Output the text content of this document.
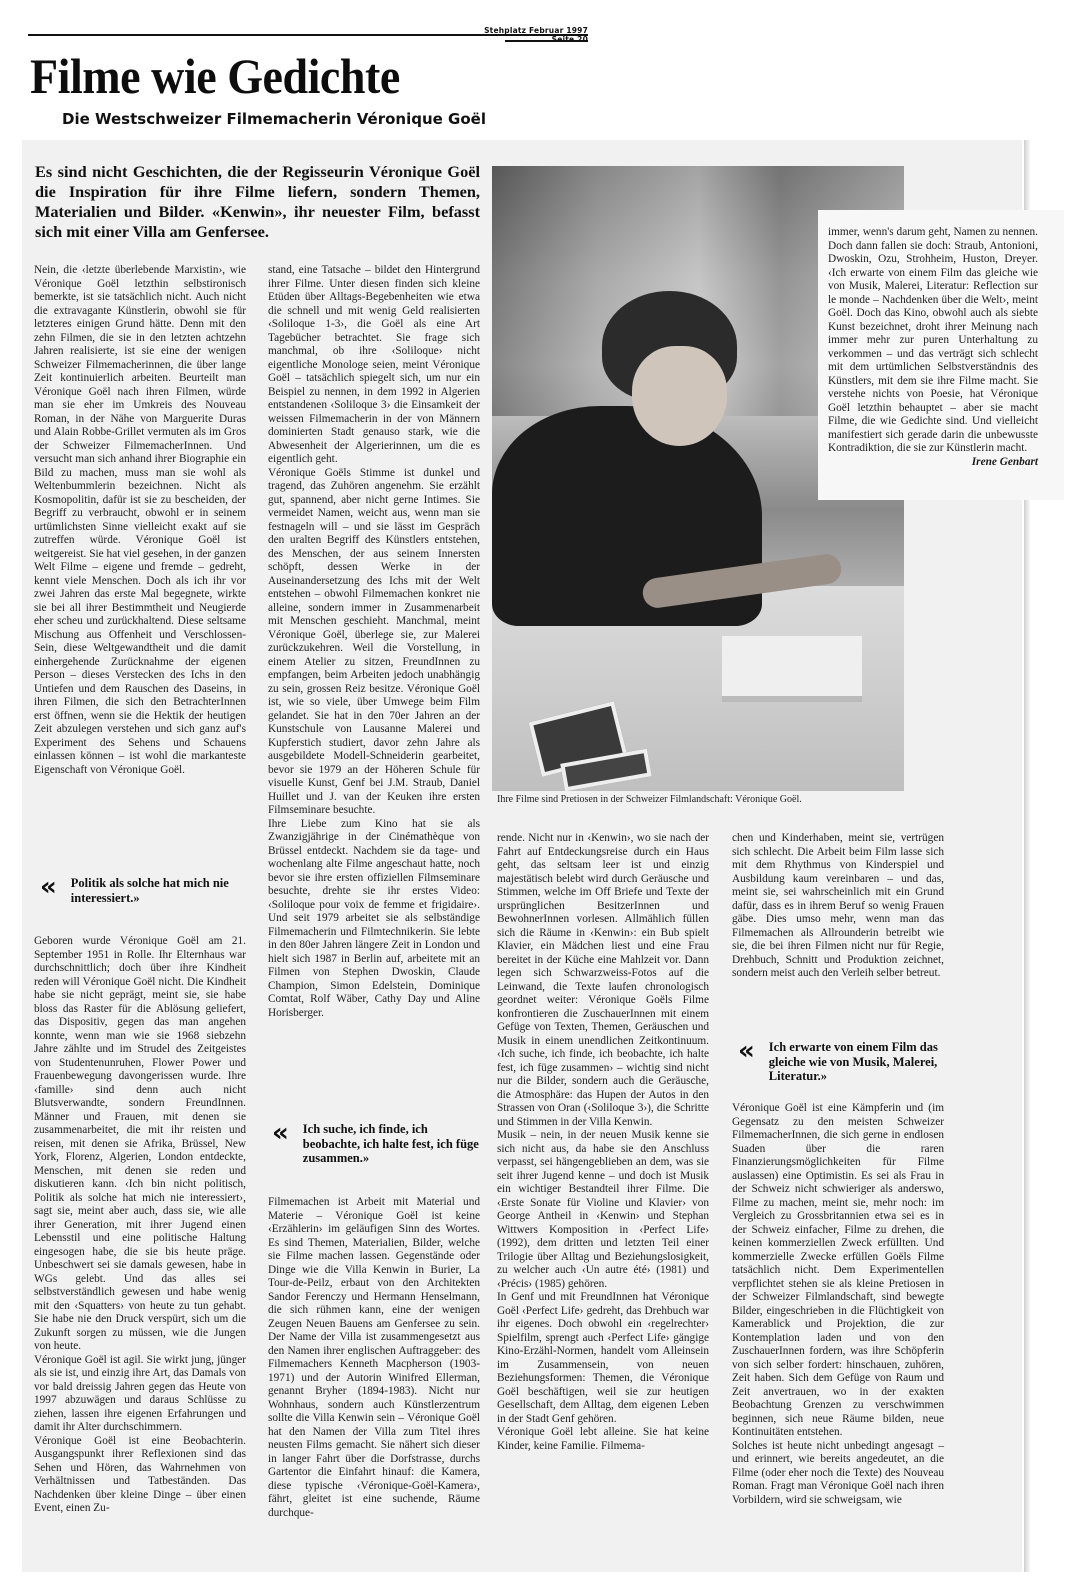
Stehplatz Februar 1997 Seite 20
Filme wie Gedichte
Die Westschweizer Filmemacherin Véronique Goël
Es sind nicht Geschichten, die der Regisseurin Véronique Goël die Inspiration für ihre Filme liefern, sondern Themen, Materialien und Bilder. «Kenwin», ihr neuester Film, befasst sich mit einer Villa am Genfersee.

Nein, die ‹letzte überlebende Marxistin›, wie Véronique Goël letzthin selbstironisch bemerkte, ist sie tatsächlich nicht. Auch nicht die extravagante Künstlerin, obwohl sie für letzteres einigen Grund hätte. Denn mit den zehn Filmen, die sie in den letzten achtzehn Jahren realisierte, ist sie eine der wenigen Schweizer Filmemacherinnen, die über lange Zeit kontinuierlich arbeiten. Beurteilt man Véronique Goël nach ihren Filmen, würde man sie eher im Umkreis des Nouveau Roman, in der Nähe von Marguerite Duras und Alain Robbe-Grillet vermuten als im Gros der Schweizer FilmemacherInnen. Und versucht man sich anhand ihrer Biographie ein Bild zu machen, muss man sie wohl als Weltenbummlerin bezeichnen. Nicht als Kosmopolitin, dafür ist sie zu bescheiden, der Begriff zu verbraucht, obwohl er in seinem urtümlichsten Sinne vielleicht exakt auf sie zutreffen würde. Véronique Goël ist weitgereist. Sie hat viel gesehen, in der ganzen Welt Filme – eigene und fremde – gedreht, kennt viele Menschen. Doch als ich ihr vor zwei Jahren das erste Mal begegnete, wirkte sie bei all ihrer Bestimmtheit und Neugierde eher scheu und zurückhaltend. Diese seltsame Mischung aus Offenheit und Verschlossen-Sein, diese Weltgewandtheit und die damit einhergehende Zurücknahme der eigenen Person – dieses Verstecken des Ichs in den Untiefen und dem Rauschen des Daseins, in ihren Filmen, die sich den BetrachterInnen erst öffnen, wenn sie die Hektik der heutigen Zeit abzulegen verstehen und sich ganz auf's Experiment des Sehens und Schauens einlassen können – ist wohl die markanteste Eigenschaft von Véronique Goël.

« Politik als solche hat mich nie interessiert.»

Geboren wurde Véronique Goël am 21. September 1951 in Rolle. Ihr Elternhaus war durchschnittlich; doch über ihre Kindheit reden will Véronique Goël nicht. Die Kindheit habe sie nicht geprägt, meint sie, sie habe bloss das Raster für die Ablösung geliefert, das Dispositiv, gegen das man angehen konnte, wenn man wie sie 1968 siebzehn Jahre zählte und im Strudel des Zeitgeistes von Studentenunruhen, Flower Power und Frauenbewegung davongerissen wurde. Ihre ‹famille› sind denn auch nicht Blutsverwandte, sondern FreundInnen. Männer und Frauen, mit denen sie zusammenarbeitet, die mit ihr reisten und reisen, mit denen sie Afrika, Brüssel, New York, Florenz, Algerien, London entdeckte, Menschen, mit denen sie reden und diskutieren kann. ‹Ich bin nicht politisch, Politik als solche hat mich nie interessiert›, sagt sie, meint aber auch, dass sie, wie alle ihrer Generation, mit ihrer Jugend einen Lebensstil und eine politische Haltung eingesogen habe, die sie bis heute präge. Unbeschwert sei sie damals gewesen, habe in WGs gelebt. Und das alles sei selbstverständlich gewesen und habe wenig mit den ‹Squatters› von heute zu tun gehabt. Sie habe nie den Druck verspürt, sich um die Zukunft sorgen zu müssen, wie die Jungen von heute.

Véronique Goël ist agil. Sie wirkt jung, jünger als sie ist, und einzig ihre Art, das Damals von vor bald dreissig Jahren gegen das Heute von 1997 abzuwägen und daraus Schlüsse zu ziehen, lassen ihre eigenen Erfahrungen und damit ihr Alter durchschimmern.

Véronique Goël ist eine Beobachterin. Ausgangspunkt ihrer Reflexionen sind das Sehen und Hören, das Wahrnehmen von Verhältnissen und Tatbeständen. Das Nachdenken über kleine Dinge – über einen Event, einen Zu-

stand, eine Tatsache – bildet den Hintergrund ihrer Filme. Unter diesen finden sich kleine Etüden über Alltags-Begebenheiten wie etwa die schnell und mit wenig Geld realisierten ‹Soliloque 1-3›, die Goël als eine Art Tagebücher betrachtet. Sie frage sich manchmal, ob ihre ‹Soliloque› nicht eigentliche Monologe seien, meint Véronique Goël – tatsächlich spiegelt sich, um nur ein Beispiel zu nennen, in dem 1992 in Algerien entstandenen ‹Soliloque 3› die Einsamkeit der weissen Filmemacherin in der von Männern dominierten Stadt genauso stark, wie die Abwesenheit der Algerierinnen, um die es eigentlich geht.

Véronique Goëls Stimme ist dunkel und tragend, das Zuhören angenehm. Sie erzählt gut, spannend, aber nicht gerne Intimes. Sie vermeidet Namen, weicht aus, wenn man sie festnageln will – und sie lässt im Gespräch den uralten Begriff des Künstlers entstehen, des Menschen, der aus seinem Innersten schöpft, dessen Werke in der Auseinandersetzung des Ichs mit der Welt entstehen – obwohl Filmemachen konkret nie alleine, sondern immer in Zusammenarbeit mit Menschen geschieht. Manchmal, meint Véronique Goël, überlege sie, zur Malerei zurückzukehren. Weil die Vorstellung, in einem Atelier zu sitzen, FreundInnen zu empfangen, beim Arbeiten jedoch unabhängig zu sein, grossen Reiz besitze. Véronique Goël ist, wie so viele, über Umwege beim Film gelandet. Sie hat in den 70er Jahren an der Kunstschule von Lausanne Malerei und Kupferstich studiert, davor zehn Jahre als ausgebildete Modell-Schneiderin gearbeitet, bevor sie 1979 an der Höheren Schule für visuelle Kunst, Genf bei J.M. Straub, Daniel Huillet und J. van der Keuken ihre ersten Filmseminare besuchte.

Ihre Liebe zum Kino hat sie als Zwanzigjährige in der Cinémathèque von Brüssel entdeckt. Nachdem sie da tage- und wochenlang alte Filme angeschaut hatte, noch bevor sie ihre ersten offiziellen Filmseminare besuchte, drehte sie ihr erstes Video: ‹Soliloque pour voix de femme et frigidaire›. Und seit 1979 arbeitet sie als selbständige Filmemacherin und Filmtechnikerin. Sie lebte in den 80er Jahren längere Zeit in London und hielt sich 1987 in Berlin auf, arbeitete mit an Filmen von Stephen Dwoskin, Claude Champion, Simon Edelstein, Dominique Comtat, Rolf Wäber, Cathy Day und Aline Horisberger.

« Ich suche, ich finde, ich beobachte, ich halte fest, ich füge zusammen.»

Filmemachen ist Arbeit mit Material und Materie – Véronique Goël ist keine ‹Erzählerin› im geläufigen Sinn des Wortes. Es sind Themen, Materialien, Bilder, welche sie Filme machen lassen. Gegenstände oder Dinge wie die Villa Kenwin in Burier, La Tour-de-Peilz, erbaut von den Architekten Sandor Ferenczy und Hermann Henselmann, die sich rühmen kann, eine der wenigen Zeugen Neuen Bauens am Genfersee zu sein. Der Name der Villa ist zusammengesetzt aus den Namen ihrer englischen Auftraggeber: des Filmemachers Kenneth Macpherson (1903-1971) und der Autorin Winifred Ellerman, genannt Bryher (1894-1983). Nicht nur Wohnhaus, sondern auch Künstlerzentrum sollte die Villa Kenwin sein – Véronique Goël hat den Namen der Villa zum Titel ihres neusten Films gemacht. Sie nähert sich dieser in langer Fahrt über die Dorfstrasse, durchs Gartentor die Einfahrt hinauf: die Kamera, diese typische ‹Véronique-Goël-Kamera›, fährt, gleitet ist eine suchende, Räume durchque-

Ihre Filme sind Pretiosen in der Schweizer Filmlandschaft: Véronique Goël.

immer, wenn's darum geht, Namen zu nennen. Doch dann fallen sie doch: Straub, Antonioni, Dwoskin, Ozu, Strohheim, Huston, Dreyer. ‹Ich erwarte von einem Film das gleiche wie von Musik, Malerei, Literatur: Reflection sur le monde – Nachdenken über die Welt›, meint Goël. Doch das Kino, obwohl auch als siebte Kunst bezeichnet, droht ihrer Meinung nach immer mehr zur puren Unterhaltung zu verkommen – und das verträgt sich schlecht mit dem urtümlichen Selbstverständnis des Künstlers, mit dem sie ihre Filme macht. Sie verstehe nichts von Poesie, hat Véronique Goël letzthin behauptet – aber sie macht Filme, die wie Gedichte sind. Und vielleicht manifestiert sich gerade darin die unbewusste Kontradiktion, die sie zur Künstlerin macht.
Irene Genbart

rende. Nicht nur in ‹Kenwin›, wo sie nach der Fahrt auf Entdeckungsreise durch ein Haus geht, das seltsam leer ist und einzig majestätisch belebt wird durch Geräusche und Stimmen, welche im Off Briefe und Texte der ursprünglichen BesitzerInnen und BewohnerInnen vorlesen. Allmählich füllen sich die Räume in ‹Kenwin›: ein Bub spielt Klavier, ein Mädchen liest und eine Frau bereitet in der Küche eine Mahlzeit vor. Dann legen sich Schwarzweiss-Fotos auf die Leinwand, die Texte laufen chronologisch geordnet weiter: Véronique Goëls Filme konfrontieren die ZuschauerInnen mit einem Gefüge von Texten, Themen, Geräuschen und Musik in einem unendlichen Zeitkontinuum. ‹Ich suche, ich finde, ich beobachte, ich halte fest, ich füge zusammen› – wichtig sind nicht nur die Bilder, sondern auch die Geräusche, die Atmosphäre: das Hupen der Autos in den Strassen von Oran (‹Soliloque 3›), die Schritte und Stimmen in der Villa Kenwin.

Musik – nein, in der neuen Musik kenne sie sich nicht aus, da habe sie den Anschluss verpasst, sei hängengeblieben an dem, was sie seit ihrer Jugend kenne – und doch ist Musik ein wichtiger Bestandteil ihrer Filme. Die ‹Erste Sonate für Violine und Klavier› von George Antheil in ‹Kenwin› und Stephan Wittwers Komposition in ‹Perfect Life› (1992), dem dritten und letzten Teil einer Trilogie über Alltag und Beziehungslosigkeit, zu welcher auch ‹Un autre été› (1981) und ‹Précis› (1985) gehören.

In Genf und mit FreundInnen hat Véronique Goël ‹Perfect Life› gedreht, das Drehbuch war ihr eigenes. Doch obwohl ein ‹regelrechter› Spielfilm, sprengt auch ‹Perfect Life› gängige Kino-Erzähl-Normen, handelt vom Alleinsein im Zusammensein, von neuen Beziehungsformen: Themen, die Véronique Goël beschäftigen, weil sie zur heutigen Gesellschaft, dem Alltag, dem eigenen Leben in der Stadt Genf gehören.

Véronique Goël lebt alleine. Sie hat keine Kinder, keine Familie. Filmema-

chen und Kinderhaben, meint sie, vertrügen sich schlecht. Die Arbeit beim Film lasse sich mit dem Rhythmus von Kinderspiel und Ausbildung kaum vereinbaren – und das, meint sie, sei wahrscheinlich mit ein Grund dafür, dass es in ihrem Beruf so wenig Frauen gäbe. Dies umso mehr, wenn man das Filmemachen als Allrounderin betreibt wie sie, die bei ihren Filmen nicht nur für Regie, Drehbuch, Schnitt und Produktion zeichnet, sondern meist auch den Verleih selber betreut.

« Ich erwarte von einem Film das gleiche wie von Musik, Malerei, Literatur.»

Véronique Goël ist eine Kämpferin und (im Gegensatz zu den meisten Schweizer FilmemacherInnen, die sich gerne in endlosen Suaden über die raren Finanzierungsmöglichkeiten für Filme auslassen) eine Optimistin. Es sei als Frau in der Schweiz nicht schwieriger als anderswo, Filme zu machen, meint sie, mehr noch: im Vergleich zu Grossbritannien etwa sei es in der Schweiz einfacher, Filme zu drehen, die keinen kommerziellen Zweck erfüllten. Und kommerzielle Zwecke erfüllen Goëls Filme tatsächlich nicht. Dem Experimentellen verpflichtet stehen sie als kleine Pretiosen in der Schweizer Filmlandschaft, sind bewegte Bilder, eingeschrieben in die Flüchtigkeit von Kamerablick und Projektion, die zur Kontemplation laden und von den ZuschauerInnen fordern, was ihre Schöpferin von sich selber fordert: hinschauen, zuhören, Zeit haben. Sich dem Gefüge von Raum und Zeit anvertrauen, wo in der exakten Beobachtung Grenzen zu verschwimmen beginnen, sich neue Räume bilden, neue Kontinuitäten entstehen.

Solches ist heute nicht unbedingt angesagt – und erinnert, wie bereits angedeutet, an die Filme (oder eher noch die Texte) des Nouveau Roman. Fragt man Véronique Goël nach ihren Vorbildern, wird sie schweigsam, wie
